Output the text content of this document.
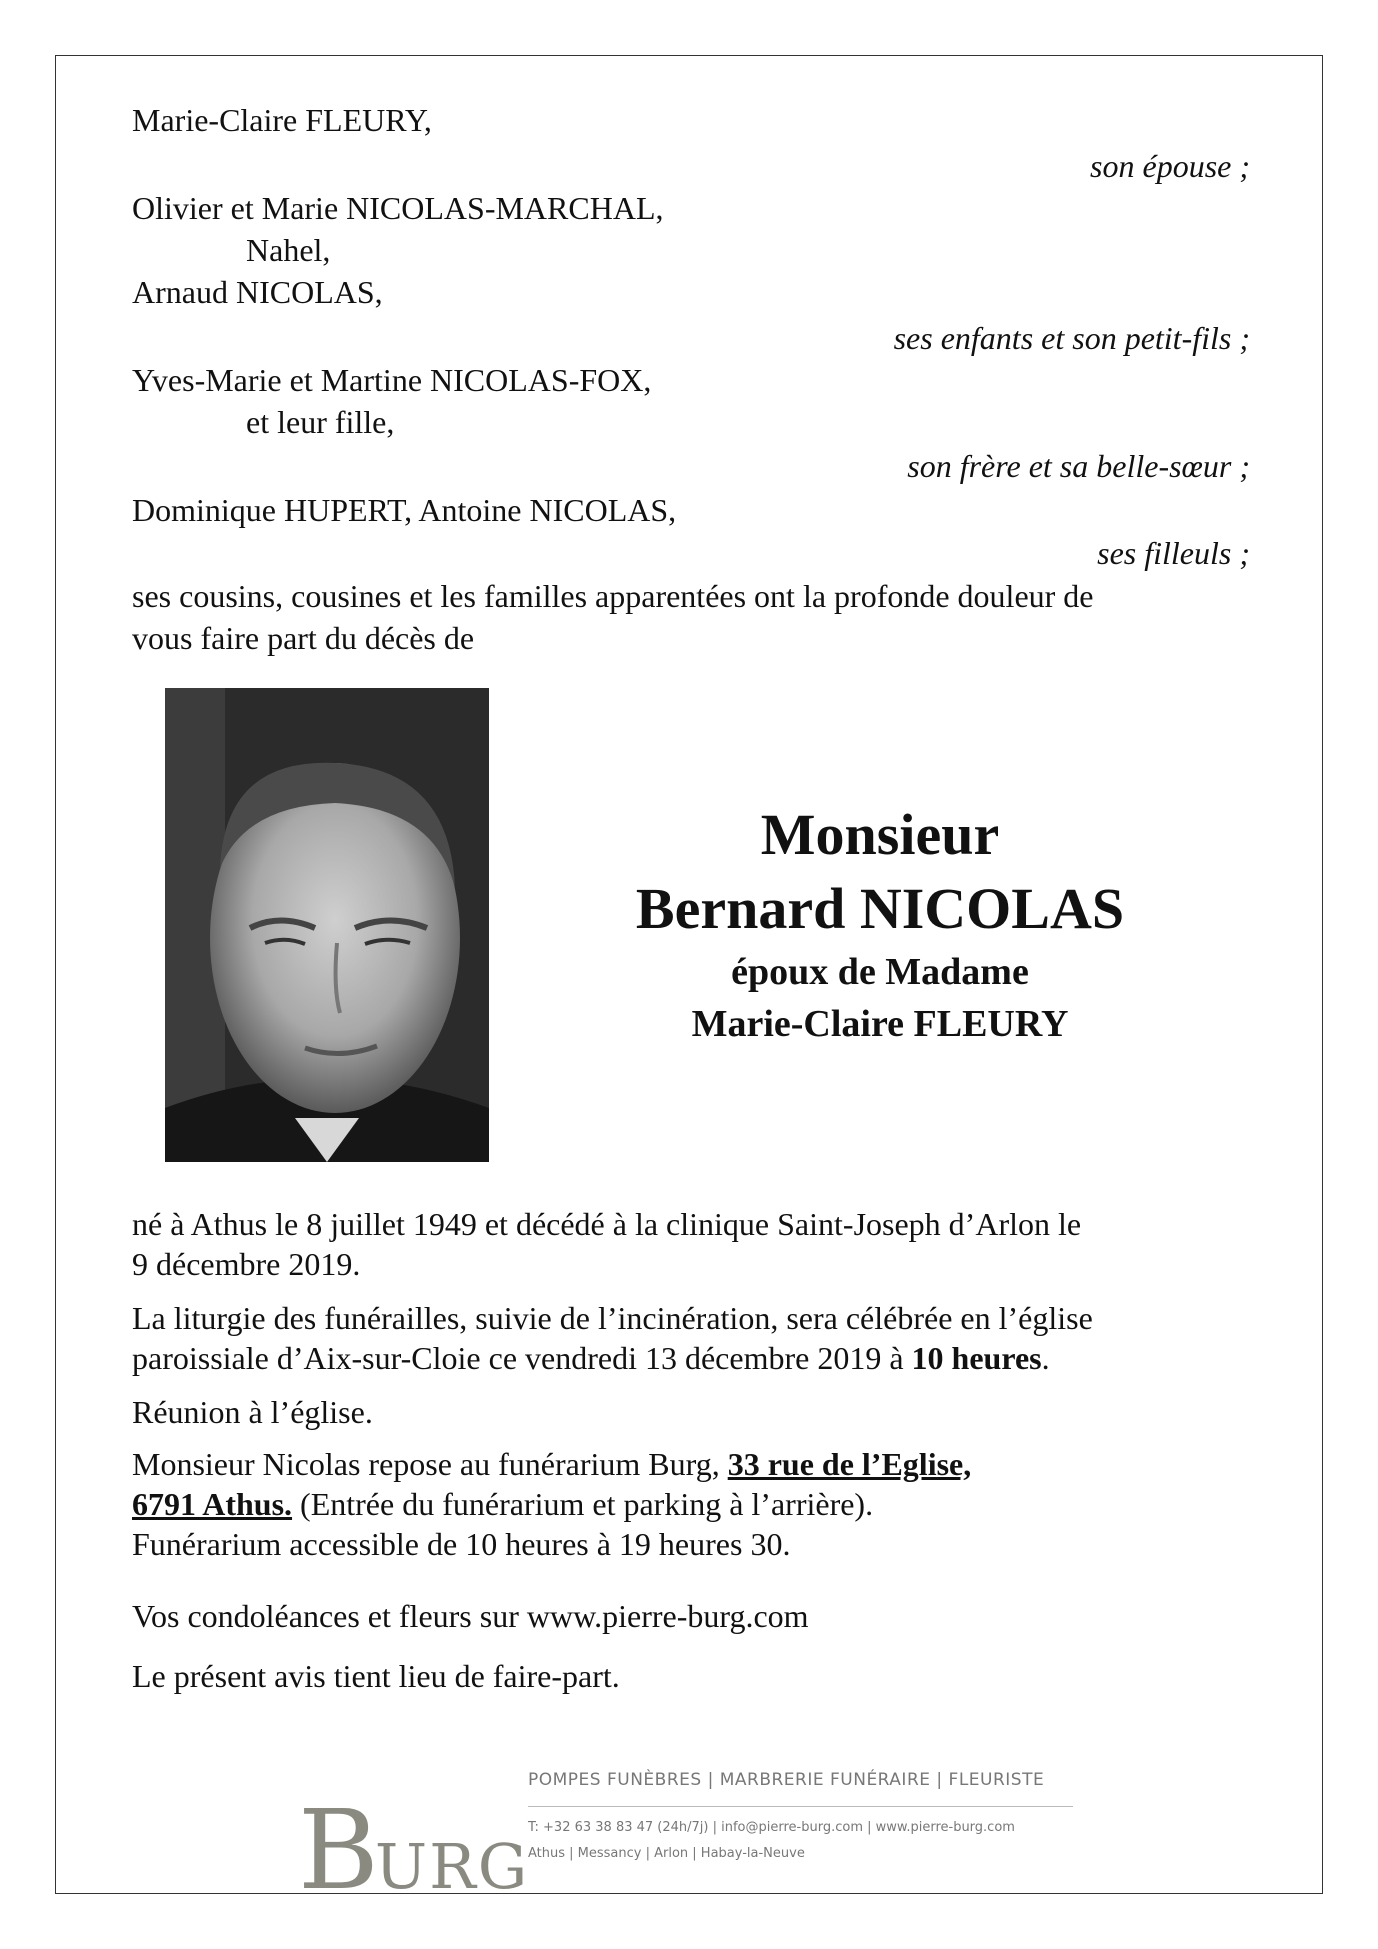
Marie-Claire FLEURY,
son épouse ;
Olivier et Marie NICOLAS-MARCHAL,
Nahel,
Arnaud NICOLAS,
ses enfants et son petit-fils ;
Yves-Marie et Martine NICOLAS-FOX,
et leur fille,
son frère et sa belle-sœur ;
Dominique HUPERT, Antoine NICOLAS,
ses filleuls ;
ses cousins, cousines et les familles apparentées ont la profonde douleur de
vous faire part du décès de
Monsieur
Bernard NICOLAS
époux de Madame
Marie-Claire FLEURY
né à Athus le 8 juillet 1949 et décédé à la clinique Saint-Joseph d’Arlon le
9 décembre 2019.
La liturgie des funérailles, suivie de l’incinération, sera célébrée en l’église
paroissiale d’Aix-sur-Cloie ce vendredi 13 décembre 2019 à 10 heures.
Réunion à l’église.
Monsieur Nicolas repose au funérarium Burg, 33 rue de l’Eglise,
6791 Athus. (Entrée du funérarium et parking à l’arrière).
Funérarium accessible de 10 heures à 19 heures 30.
Vos condoléances et fleurs sur www.pierre-burg.com
Le présent avis tient lieu de faire-part.
BURG
POMPES FUNÈBRES | MARBRERIE FUNÉRAIRE | FLEURISTE
T: +32 63 38 83 47 (24h/7j) | info@pierre-burg.com | www.pierre-burg.com
Athus | Messancy | Arlon | Habay-la-Neuve
